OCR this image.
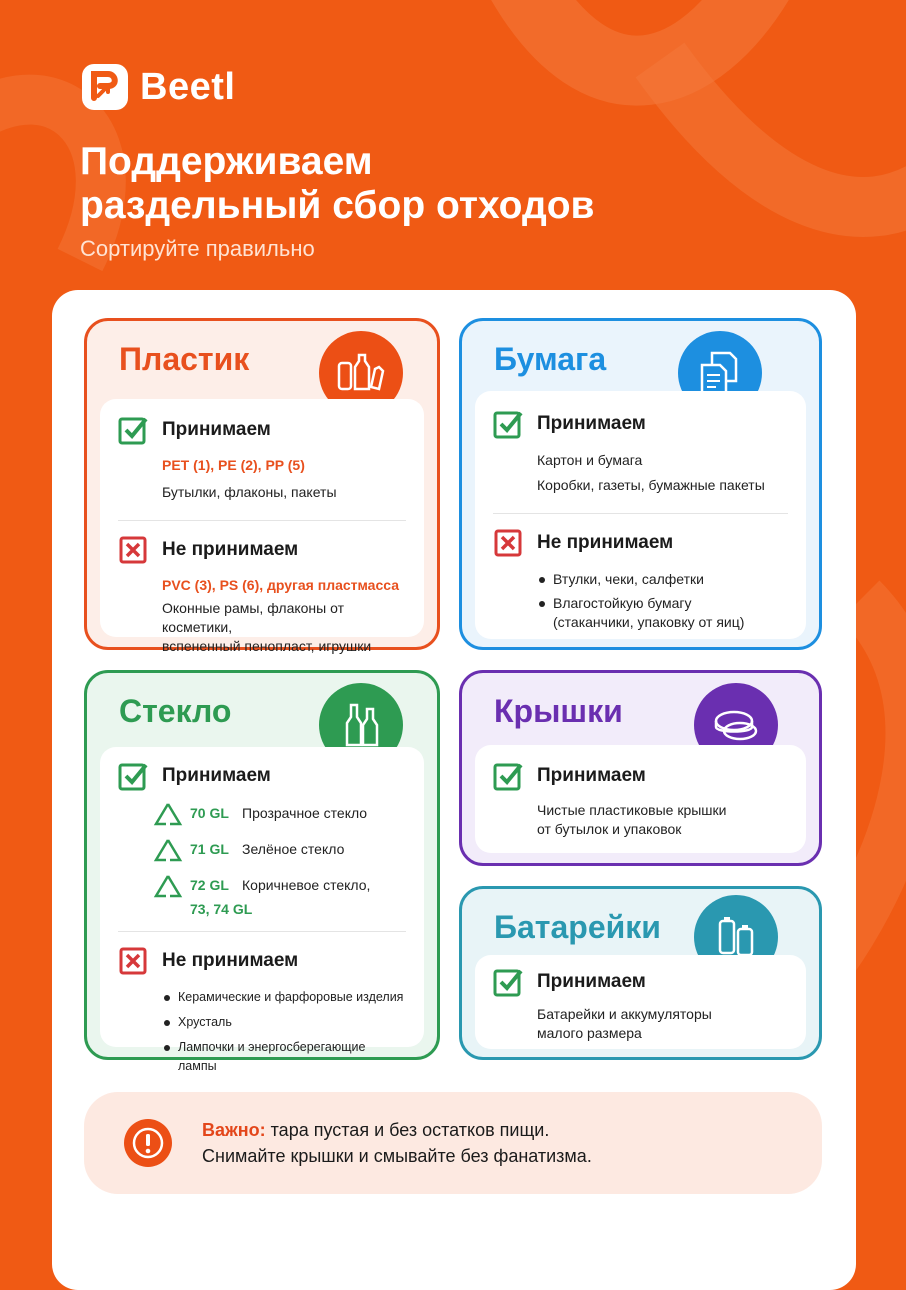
Beetl
Поддерживаем
раздельный сбор отходов
Сортируйте правильно
Пластик
Принимаем
PET (1), PE (2), PP (5)
Бутылки, флаконы, пакеты
Не принимаем
PVC (3), PS (6), другая пластмасса
Оконные рамы, флаконы от косметики,
вспененный пенопласт, игрушки
Бумага
Принимаем
Картон и бумага
Коробки, газеты, бумажные пакеты
Не принимаем
Втулки, чеки, салфетки
Влагостойкую бумагу
(стаканчики, упаковку от яиц)
Стекло
Принимаем
70 GL Прозрачное стекло
71 GL Зелёное стекло
72 GL Коричневое стекло,
73, 74 GL
Не принимаем
Керамические и фарфоровые изделия
Хрусталь
Лампочки и энергосберегающие лампы
Крышки
Принимаем
Чистые пластиковые крышки
от бутылок и упаковок
Батарейки
Принимаем
Батарейки и аккумуляторы
малого размера
Важно: тара пустая и без остатков пищи.
Снимайте крышки и смывайте без фанатизма.
